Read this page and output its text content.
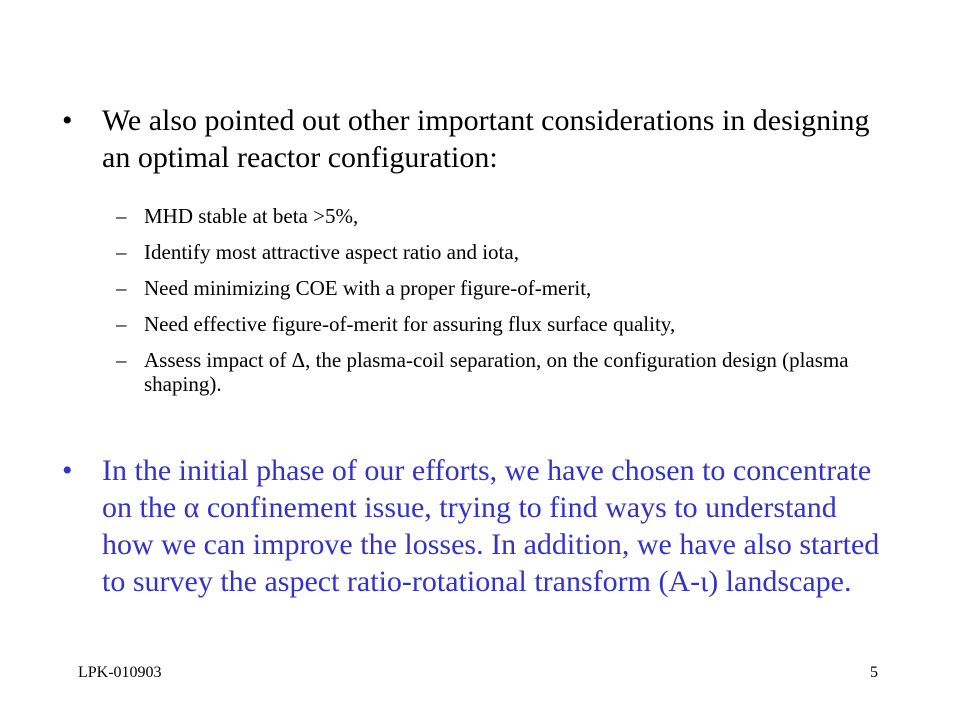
• We also pointed out other important considerations in designing an optimal reactor configuration:
– MHD stable at beta >5%,
– Identify most attractive aspect ratio and iota,
– Need minimizing COE with a proper figure-of-merit,
– Need effective figure-of-merit for assuring flux surface quality,
– Assess impact of Δ, the plasma-coil separation, on the configuration design (plasma shaping).
• In the initial phase of our efforts, we have chosen to concentrate on the α confinement issue, trying to find ways to understand how we can improve the losses. In addition, we have also started to survey the aspect ratio-rotational transform (A-ι) landscape.
LPK-010903	5
